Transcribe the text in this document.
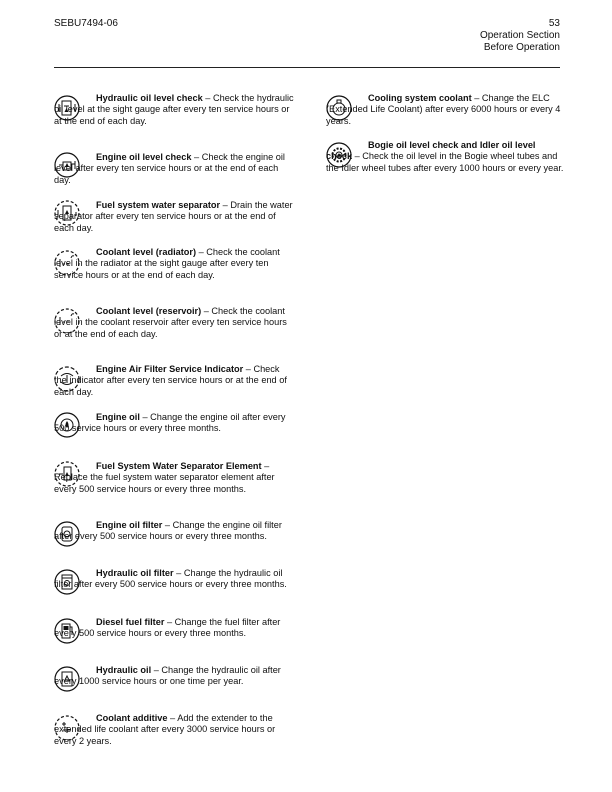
SEBU7494-06	53
Operation Section
Before Operation

Hydraulic oil level check – Check the hydraulic oil level at the sight gauge after every ten service hours or at the end of each day.

Engine oil level check – Check the engine oil level after every ten service hours or at the end of each day.

Fuel system water separator – Drain the water separator after every ten service hours or at the end of each day.

Coolant level (radiator) – Check the coolant level in the radiator at the sight gauge after every ten service hours or at the end of each day.

Coolant level (reservoir) – Check the coolant level in the coolant reservoir after every ten service hours or at the end of each day.

Engine Air Filter Service Indicator – Check the indicator after every ten service hours or at the end of each day.

Engine oil – Change the engine oil after every 500 service hours or every three months.

Fuel System Water Separator Element – Replace the fuel system water separator element after every 500 service hours or every three months.

Engine oil filter – Change the engine oil filter after every 500 service hours or every three months.

Hydraulic oil filter – Change the hydraulic oil filter after every 500 service hours or every three months.

Diesel fuel filter – Change the fuel filter after every 500 service hours or every three months.

Hydraulic oil – Change the hydraulic oil after every 1000 service hours or one time per year.

Coolant additive – Add the extender to the extended life coolant after every 3000 service hours or every 2 years.

Cooling system coolant – Change the ELC (Extended Life Coolant) after every 6000 hours or every 4 years.

Bogie oil level check and Idler oil level check – Check the oil level in the Bogie wheel tubes and the Idler wheel tubes after every 1000 hours or every year.
